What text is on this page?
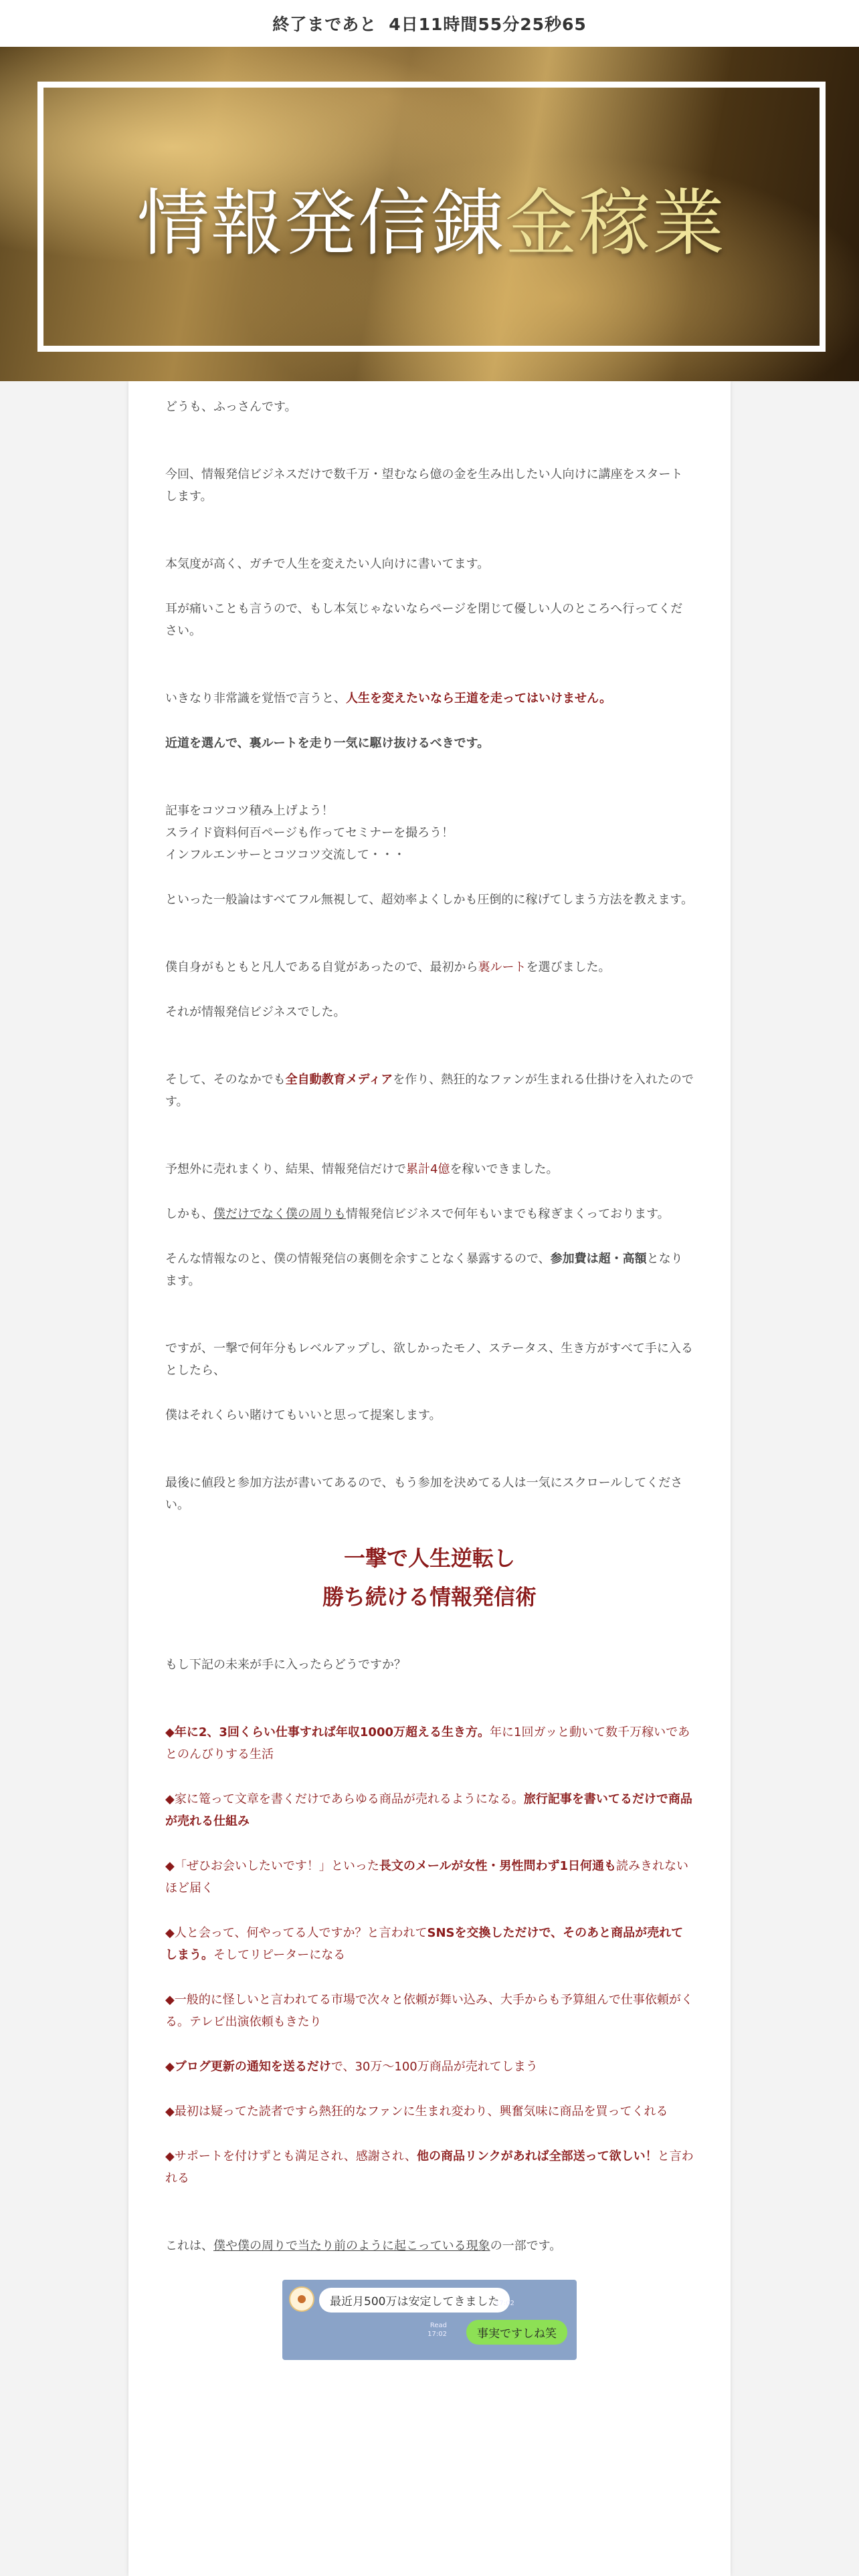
終了まであと 4日11時間55分25秒65
情報発信錬金稼業

どうも、ふっさんです。

今回、情報発信ビジネスだけで数千万・望むなら億の金を生み出したい人向けに講座をスタートします。

本気度が高く、ガチで人生を変えたい人向けに書いてます。

耳が痛いことも言うので、もし本気じゃないならページを閉じて優しい人のところへ行ってください。

いきなり非常識を覚悟で言うと、人生を変えたいなら王道を走ってはいけません。

近道を選んで、裏ルートを走り一気に駆け抜けるべきです。

記事をコツコツ積み上げよう！
スライド資料何百ページも作ってセミナーを撮ろう！
インフルエンサーとコツコツ交流して・・・

といった一般論はすべてフル無視して、超効率よくしかも圧倒的に稼げてしまう方法を教えます。

僕自身がもともと凡人である自覚があったので、最初から裏ルートを選びました。

それが情報発信ビジネスでした。

そして、そのなかでも全自動教育メディアを作り、熱狂的なファンが生まれる仕掛けを入れたのです。

予想外に売れまくり、結果、情報発信だけで累計4億を稼いできました。

しかも、僕だけでなく僕の周りも情報発信ビジネスで何年もいまでも稼ぎまくっております。

そんな情報なのと、僕の情報発信の裏側を余すことなく暴露するので、参加費は超・高額となります。

ですが、一撃で何年分もレベルアップし、欲しかったモノ、ステータス、生き方がすべて手に入るとしたら、

僕はそれくらい賭けてもいいと思って提案します。

最後に値段と参加方法が書いてあるので、もう参加を決めてる人は一気にスクロールしてください。

一撃で人生逆転し
勝ち続ける情報発信術

もし下記の未来が手に入ったらどうですか？

◆年に2、3回くらい仕事すれば年収1000万超える生き方。年に1回ガッと動いて数千万稼いであとのんびりする生活
◆家に篭って文章を書くだけであらゆる商品が売れるようになる。旅行記事を書いてるだけで商品が売れる仕組み
◆「ぜひお会いしたいです！」といった長文のメールが女性・男性問わず1日何通も読みきれないほど届く
◆人と会って、何やってる人ですか？と言われてSNSを交換しただけで、そのあと商品が売れてしまう。そしてリピーターになる
◆一般的に怪しいと言われてる市場で次々と依頼が舞い込み、大手からも予算組んで仕事依頼がくる。テレビ出演依頼もきたり
◆ブログ更新の通知を送るだけで、30万〜100万商品が売れてしまう
◆最初は疑ってた読者ですら熱狂的なファンに生まれ変わり、興奮気味に商品を買ってくれる
◆サポートを付けずとも満足され、感謝され、他の商品リンクがあれば全部送って欲しい！と言われる

これは、僕や僕の周りで当たり前のように起こっている現象の一部です。

最近月500万は安定してきました
17:02
Read
17:02	事実ですしね笑
